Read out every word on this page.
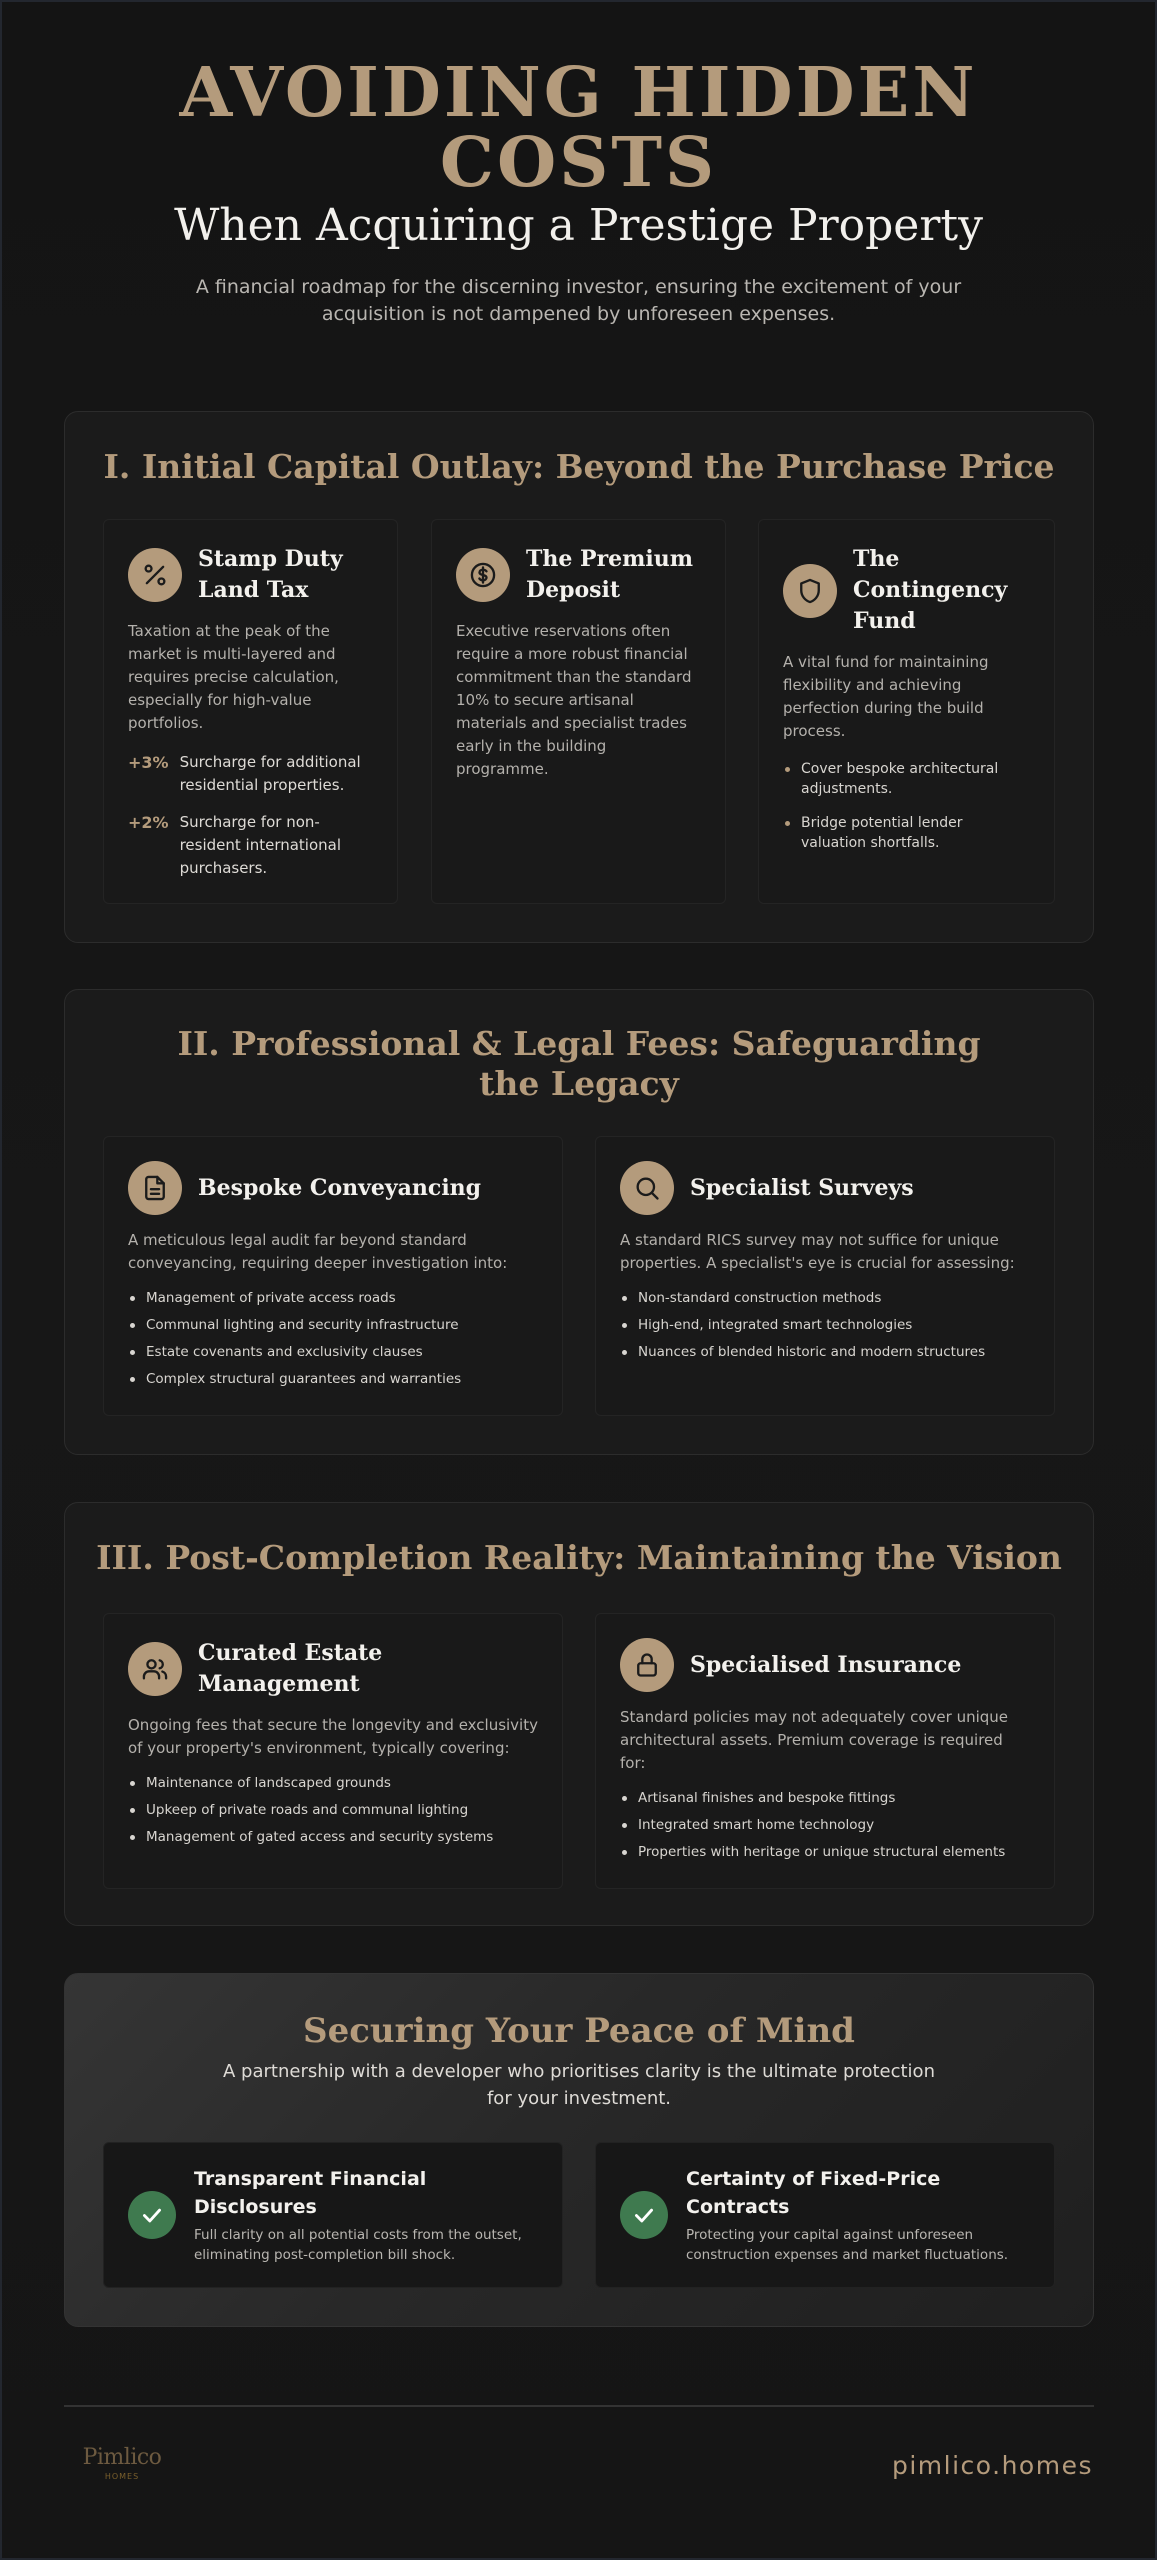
AVOIDING HIDDEN COSTS
When Acquiring a Prestige Property

A financial roadmap for the discerning investor, ensuring the excitement of your acquisition is not dampened by unforeseen expenses.

I. Initial Capital Outlay: Beyond the Purchase Price
Stamp Duty Land Tax
Taxation at the peak of the market is multi-layered and requires precise calculation, especially for high-value portfolios.
+3% Surcharge for additional residential properties.
+2% Surcharge for non-resident international purchasers.
The Premium Deposit
Executive reservations often require a more robust financial commitment than the standard 10% to secure artisanal materials and specialist trades early in the building programme.
The Contingency Fund
A vital fund for maintaining flexibility and achieving perfection during the build process.
Cover bespoke architectural adjustments.
Bridge potential lender valuation shortfalls.
II. Professional & Legal Fees: Safeguarding the Legacy
Bespoke Conveyancing
A meticulous legal audit far beyond standard conveyancing, requiring deeper investigation into:
Management of private access roads
Communal lighting and security infrastructure
Estate covenants and exclusivity clauses
Complex structural guarantees and warranties
Specialist Surveys
A standard RICS survey may not suffice for unique properties. A specialist's eye is crucial for assessing:
Non-standard construction methods
High-end, integrated smart technologies
Nuances of blended historic and modern structures
III. Post-Completion Reality: Maintaining the Vision
Curated Estate Management
Ongoing fees that secure the longevity and exclusivity of your property's environment, typically covering:
Maintenance of landscaped grounds
Upkeep of private roads and communal lighting
Management of gated access and security systems
Specialised Insurance
Standard policies may not adequately cover unique architectural assets. Premium coverage is required for:
Artisanal finishes and bespoke fittings
Integrated smart home technology
Properties with heritage or unique structural elements
Securing Your Peace of Mind
A partnership with a developer who prioritises clarity is the ultimate protection for your investment.
Transparent Financial Disclosures
Full clarity on all potential costs from the outset, eliminating post-completion bill shock.
Certainty of Fixed-Price Contracts
Protecting your capital against unforeseen construction expenses and market fluctuations.
Pimlico
HOMES	pimlico.homes
